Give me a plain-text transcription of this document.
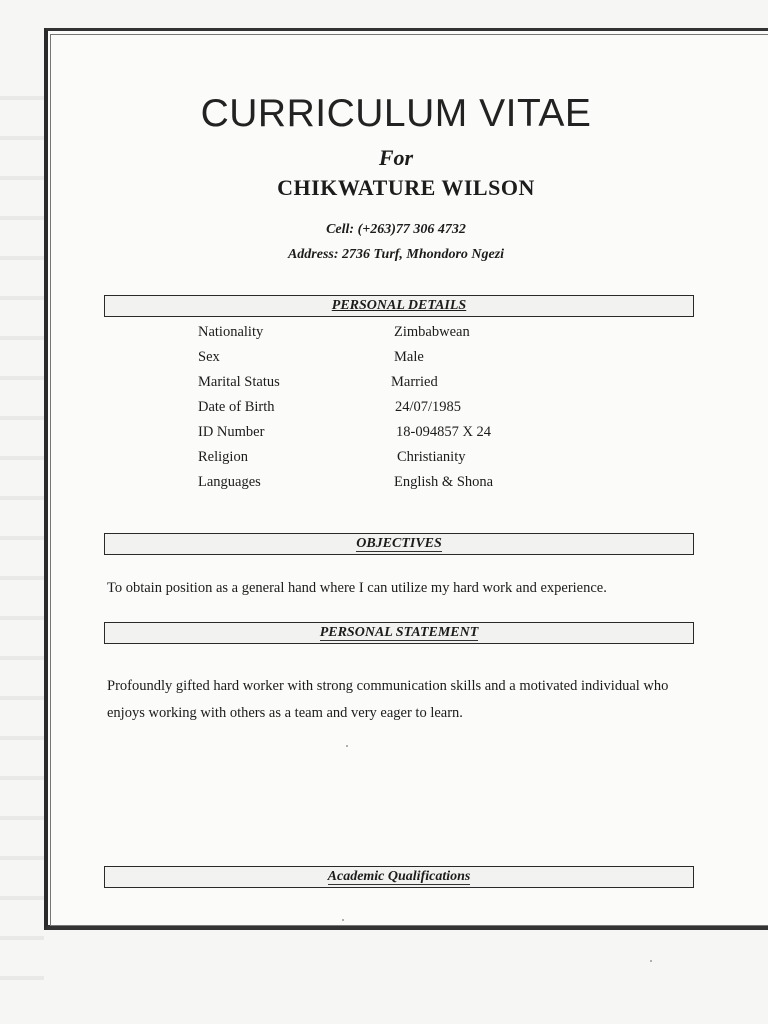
CURRICULUM VITAE
For
CHIKWATURE WILSON
Cell: (+263)77 306 4732
Address: 2736 Turf, Mhondoro Ngezi
PERSONAL DETAILS
Nationality	Zimbabwean
Sex	Male
Marital Status	Married
Date of Birth	24/07/1985
ID Number	18-094857 X 24
Religion	Christianity
Languages	English & Shona
OBJECTIVES
To obtain position as a general hand where I can utilize my hard work and experience.
PERSONAL STATEMENT
Profoundly gifted hard worker with strong communication skills and a motivated individual who enjoys working with others as a team and very eager to learn.
Academic Qualifications
